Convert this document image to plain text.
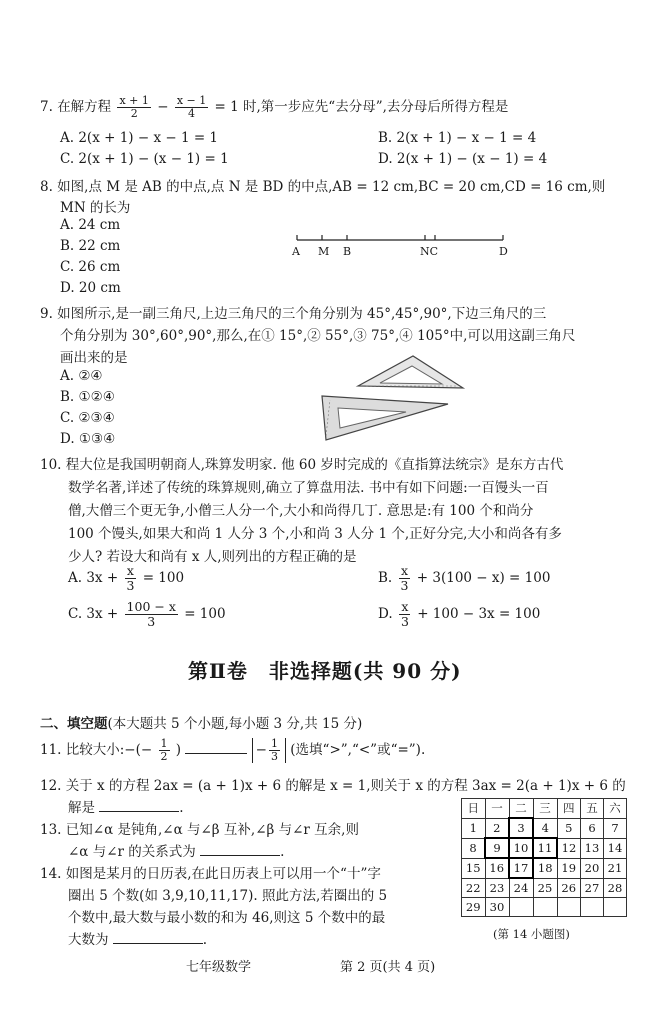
7. 在解方程 $\frac{x + 1}{2} - \frac{x - 1}{4} = 1$ 时,第一步应先“去分母”,去分母后所得方程是
A. 2(x + 1) − x − 1 = 1	B. 2(x + 1) − x − 1 = 4
C. 2(x + 1) − (x − 1) = 1	D. 2(x + 1) − (x − 1) = 4
8. 如图,点 M 是 AB 的中点,点 N 是 BD 的中点,AB = 12 cm,BC = 20 cm,CD = 16 cm,则
MN 的长为
A. 24 cm
B. 22 cm
C. 26 cm
D. 20 cm
A M B	NC	D
9. 如图所示,是一副三角尺,上边三角尺的三个角分别为 45°,45°,90°,下边三角尺的三
个角分别为 30°,60°,90°,那么,在① 15°,② 55°,③ 75°,④ 105°中,可以用这副三角尺
画出来的是
A. ②④
B. ①②④
C. ②③④
D. ①③④
10. 程大位是我国明朝商人,珠算发明家. 他 60 岁时完成的《直指算法统宗》是东方古代
数学名著,详述了传统的珠算规则,确立了算盘用法. 书中有如下问题:一百馒头一百
僧,大僧三个更无争,小僧三人分一个,大小和尚得几丁. 意思是:有 100 个和尚分
100 个馒头,如果大和尚 1 人分 3 个,小和尚 3 人分 1 个,正好分完,大小和尚各有多
少人? 若设大和尚有 x 人,则列出的方程正确的是
A. $3x + \frac{x}{3} = 100$	B. $\frac{x}{3} + 3(100 - x) = 100$
C. $3x + \frac{100 - x}{3} = 100$	D. $\frac{x}{3} + 100 - 3x = 100$
第Ⅱ卷　非选择题(共 90 分)
二、填空题(本大题共 5 个小题,每小题 3 分,共 15 分)
11. 比较大小:−(− $\frac{1}{2}$ )	− $\frac{1}{3}$ (选填“>”,“<”或“=”).
12. 关于 x 的方程 2ax = (a + 1)x + 6 的解是 x = 1,则关于 x 的方程 3ax = 2(a + 1)x + 6 的
解是	.
13. 已知∠α 是钝角,∠α 与∠β 互补,∠β 与∠r 互余,则
∠α 与∠r 的关系式为	.
14. 如图是某月的日历表,在此日历表上可以用一个“十”字
圈出 5 个数(如 3,9,10,11,17). 照此方法,若圈出的 5
个数中,最大数与最小数的和为 46,则这 5 个数中的最
大数为	.
日	一	二	三	四	五	六
1	2	3	4	5	6	7
8	9	10	11	12	13	14
15	16	17	18	19	20	21
22	23	24	25	26	27	28
29	30					
(第 14 小题图)
七年级数学	第 2 页(共 4 页)
